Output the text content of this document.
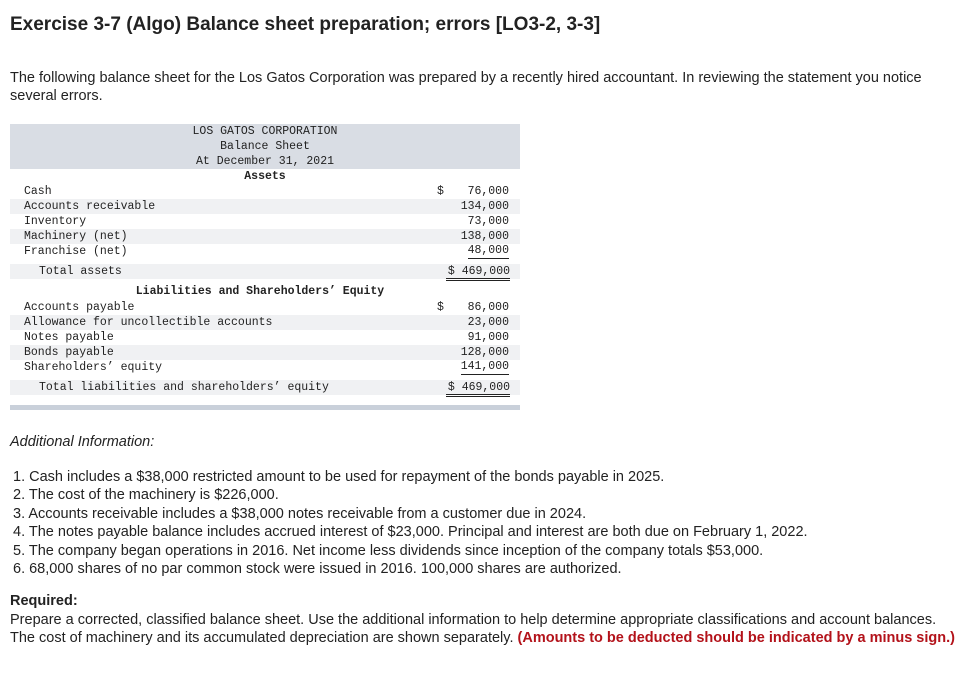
Exercise 3-7 (Algo) Balance sheet preparation; errors [LO3-2, 3-3]

The following balance sheet for the Los Gatos Corporation was prepared by a recently hired accountant. In reviewing the statement you notice several errors.

LOS GATOS CORPORATION
Balance Sheet
At December 31, 2021
Assets
Cash	$ 76,000
Accounts receivable	134,000
Inventory	73,000
Machinery (net)	138,000
Franchise (net)	48,000
Total assets	$ 469,000
Liabilities and Shareholders’ Equity
Accounts payable	$ 86,000
Allowance for uncollectible accounts	23,000
Notes payable	91,000
Bonds payable	128,000
Shareholders’ equity	141,000
Total liabilities and shareholders’ equity	$ 469,000

Additional Information:

1. Cash includes a $38,000 restricted amount to be used for repayment of the bonds payable in 2025.
2. The cost of the machinery is $226,000.
3. Accounts receivable includes a $38,000 notes receivable from a customer due in 2024.
4. The notes payable balance includes accrued interest of $23,000. Principal and interest are both due on February 1, 2022.
5. The company began operations in 2016. Net income less dividends since inception of the company totals $53,000.
6. 68,000 shares of no par common stock were issued in 2016. 100,000 shares are authorized.

Required:

Prepare a corrected, classified balance sheet. Use the additional information to help determine appropriate classifications and account balances. The cost of machinery and its accumulated depreciation are shown separately. (Amounts to be deducted should be indicated by a minus sign.)
